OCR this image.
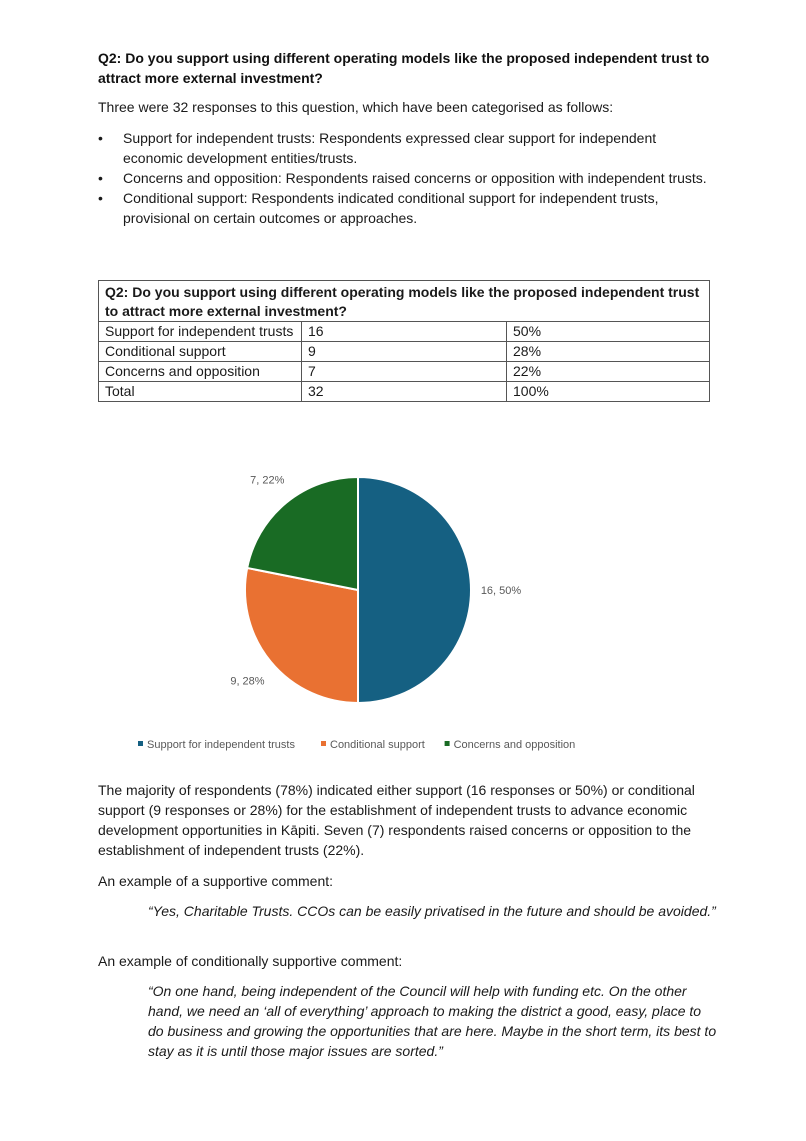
Q2: Do you support using different operating models like the proposed independent trust to attract more external investment?
Three were 32 responses to this question, which have been categorised as follows:
• Support for independent trusts: Respondents expressed clear support for independent economic development entities/trusts.
• Concerns and opposition: Respondents raised concerns or opposition with independent trusts.
• Conditional support: Respondents indicated conditional support for independent trusts, provisional on certain outcomes or approaches.
Q2: Do you support using different operating models like the proposed independent trust to attract more external investment?		
Support for independent trusts	16	50%
Conditional support	9	28%
Concerns and opposition	7	22%
Total	32	100%
16, 50%
9, 28%
7, 22%
Support for independent trusts	Conditional support	Concerns and opposition
The majority of respondents (78%) indicated either support (16 responses or 50%) or conditional support (9 responses or 28%) for the establishment of independent trusts to advance economic development opportunities in Kāpiti. Seven (7) respondents raised concerns or opposition to the establishment of independent trusts (22%).
An example of a supportive comment:
“Yes, Charitable Trusts. CCOs can be easily privatised in the future and should be avoided.”
An example of conditionally supportive comment:
“On one hand, being independent of the Council will help with funding etc. On the other hand, we need an ‘all of everything’ approach to making the district a good, easy, place to do business and growing the opportunities that are here. Maybe in the short term, its best to stay as it is until those major issues are sorted.”
